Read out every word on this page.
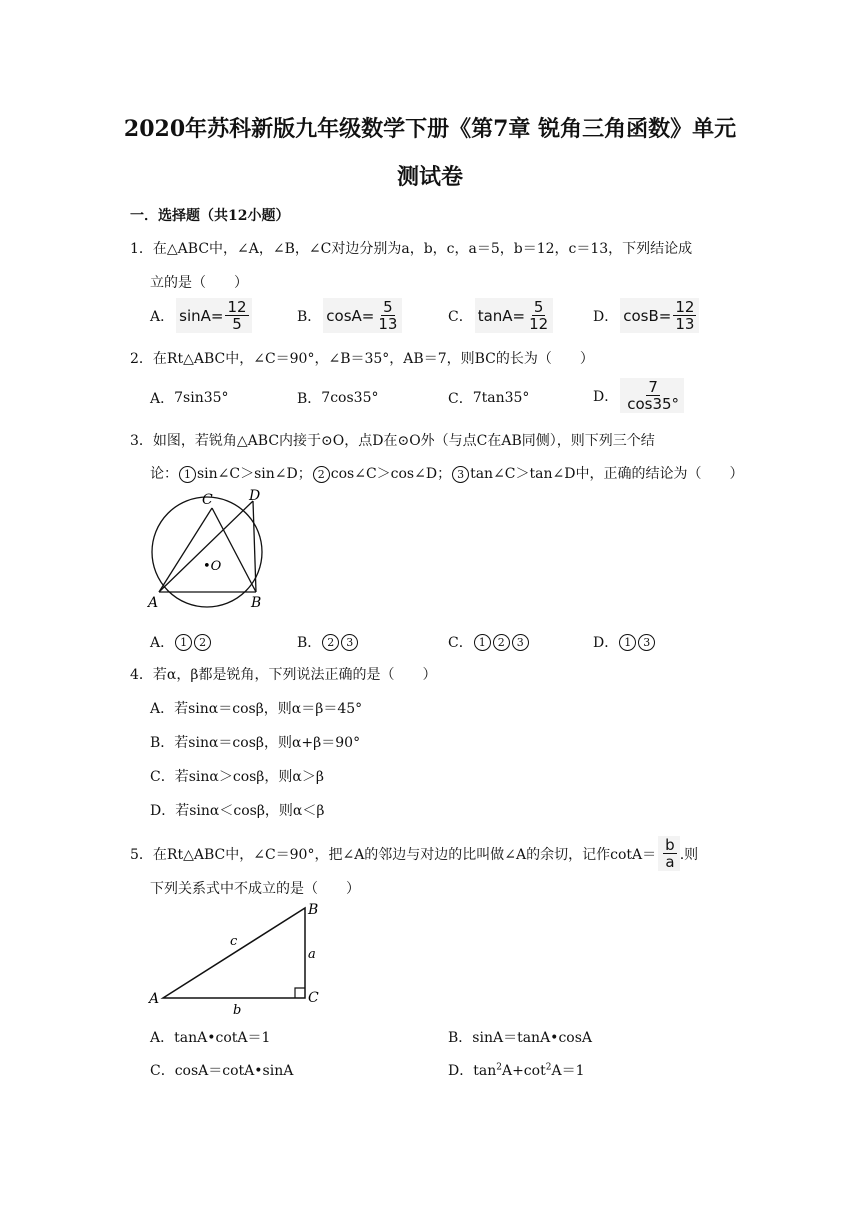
2020年苏科新版九年级数学下册《第7章 锐角三角函数》单元
测试卷
一．选择题（共12小题）
1．在△ABC中，∠A，∠B，∠C对边分别为a，b，c，a＝5，b＝12，c＝13，下列结论成
立的是（　　）
A． $\sin A= \frac{12}{5}$	B． $\cos A= \frac{5}{13}$	C． $\tan A= \frac{5}{12}$	D． $\cos B= \frac{12}{13}$
2．在Rt△ABC中，∠C＝90°，∠B＝35°，AB＝7，则BC的长为（　　）
A． 7sin35°	B． 7cos35°	C． 7tan35°	D． $\frac{7}{\cos 35^\circ}$
3．如图，若锐角△ABC内接于⊙O，点D在⊙O外（与点C在AB同侧），则下列三个结
论： 1 sin∠C＞sin∠D； 2 cos∠C＞cos∠D； 3 tan∠C＞tan∠D中，正确的结论为（　　）
A	B
C	D
•O
A． 1	2	B． 2	3	C． 1	2	3	D． 1	3
4．若α，β都是锐角，下列说法正确的是（　　）
A． 若sinα＝cosβ，则α＝β＝45°
B． 若sinα＝cosβ，则α+β＝90°
C． 若sinα＞cosβ，则α＞β
D． 若sinα＜cosβ，则α＜β
5．在Rt△ABC中，∠C＝90°，把∠A的邻边与对边的比叫做∠A的余切，记作$\cot A= \frac{b}{a}$ .则
下列关系式中不成立的是（　　）
A
B
C
a
b
c
A． tanA•cotA＝1	B． sinA＝tanA•cosA
C． cosA＝cotA•sinA	D． $\tan^2A+\cot^2A=1$
